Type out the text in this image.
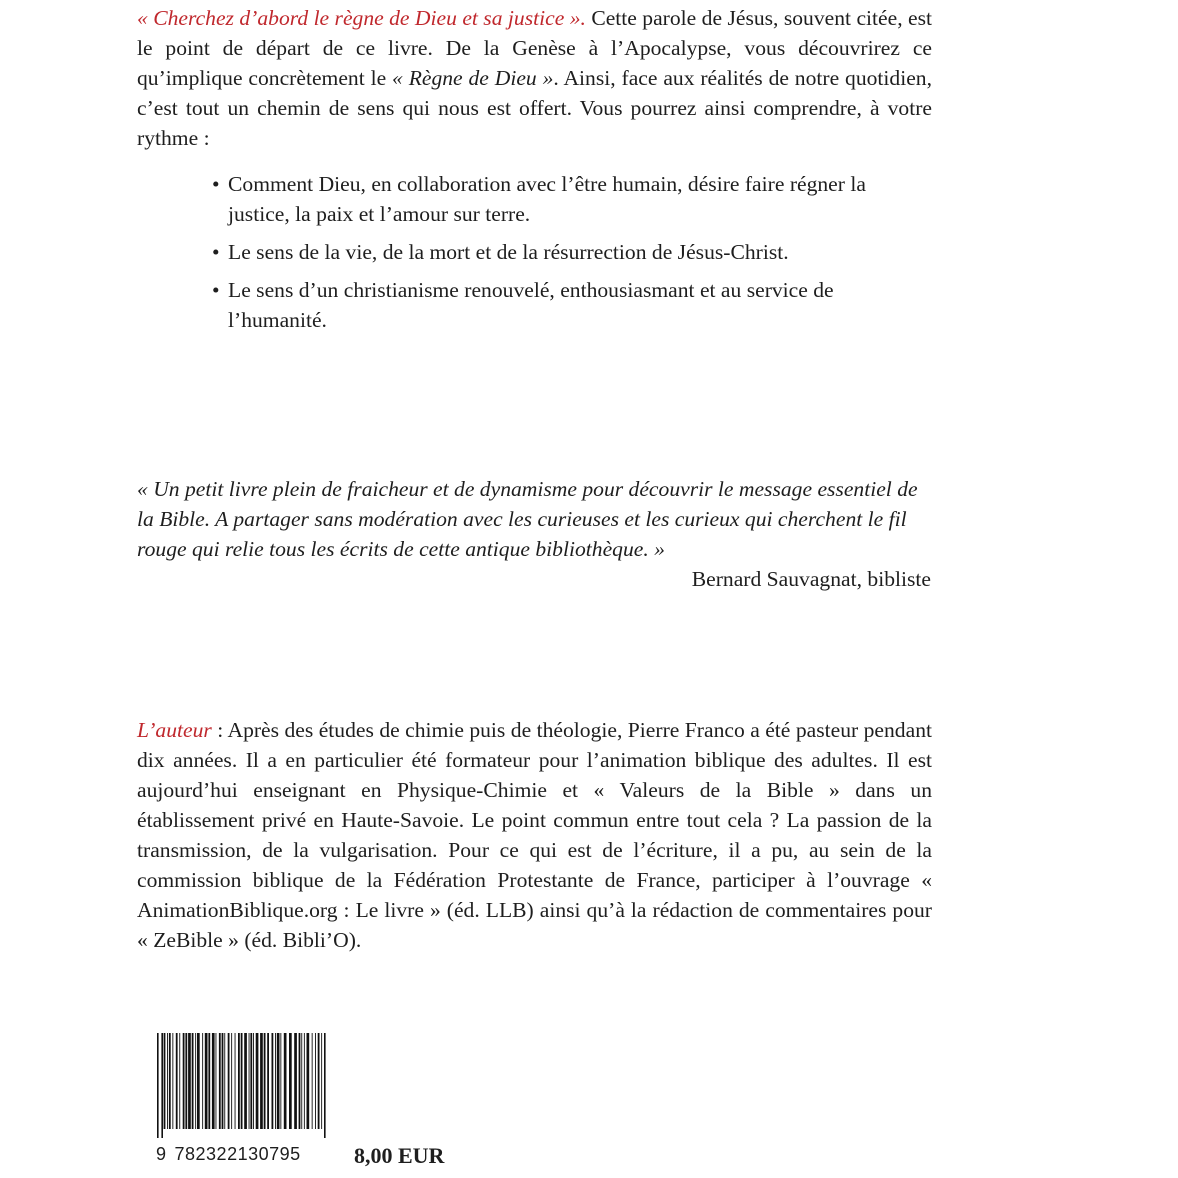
« Cherchez d’abord le règne de Dieu et sa justice ». Cette parole de Jésus, souvent citée, est le point de départ de ce livre. De la Genèse à l’Apocalypse, vous découvrirez ce qu’implique concrètement le « Règne de Dieu ». Ainsi, face aux réalités de notre quotidien, c’est tout un chemin de sens qui nous est offert. Vous pourrez ainsi comprendre, à votre rythme :

• Comment Dieu, en collaboration avec l’être humain, désire faire régner la justice, la paix et l’amour sur terre.
• Le sens de la vie, de la mort et de la résurrection de Jésus-Christ.
• Le sens d’un christianisme renouvelé, enthousiasmant et au service de l’humanité.

« Un petit livre plein de fraicheur et de dynamisme pour découvrir le message essentiel de la Bible. A partager sans modération avec les curieuses et les curieux qui cherchent le fil rouge qui relie tous les écrits de cette antique bibliothèque. »

Bernard Sauvagnat, bibliste

L’auteur : Après des études de chimie puis de théologie, Pierre Franco a été pasteur pendant dix années. Il a en particulier été formateur pour l’animation biblique des adultes. Il est aujourd’hui enseignant en Physique-Chimie et « Valeurs de la Bible » dans un établissement privé en Haute-Savoie. Le point commun entre tout cela ? La passion de la transmission, de la vulgarisation. Pour ce qui est de l’écriture, il a pu, au sein de la commission biblique de la Fédération Protestante de France, participer à l’ouvrage « AnimationBiblique.org : Le livre » (éd. LLB) ainsi qu’à la rédaction de commentaires pour « ZeBible » (éd. Bibli’O).

9 782322130795	8,00 EUR
